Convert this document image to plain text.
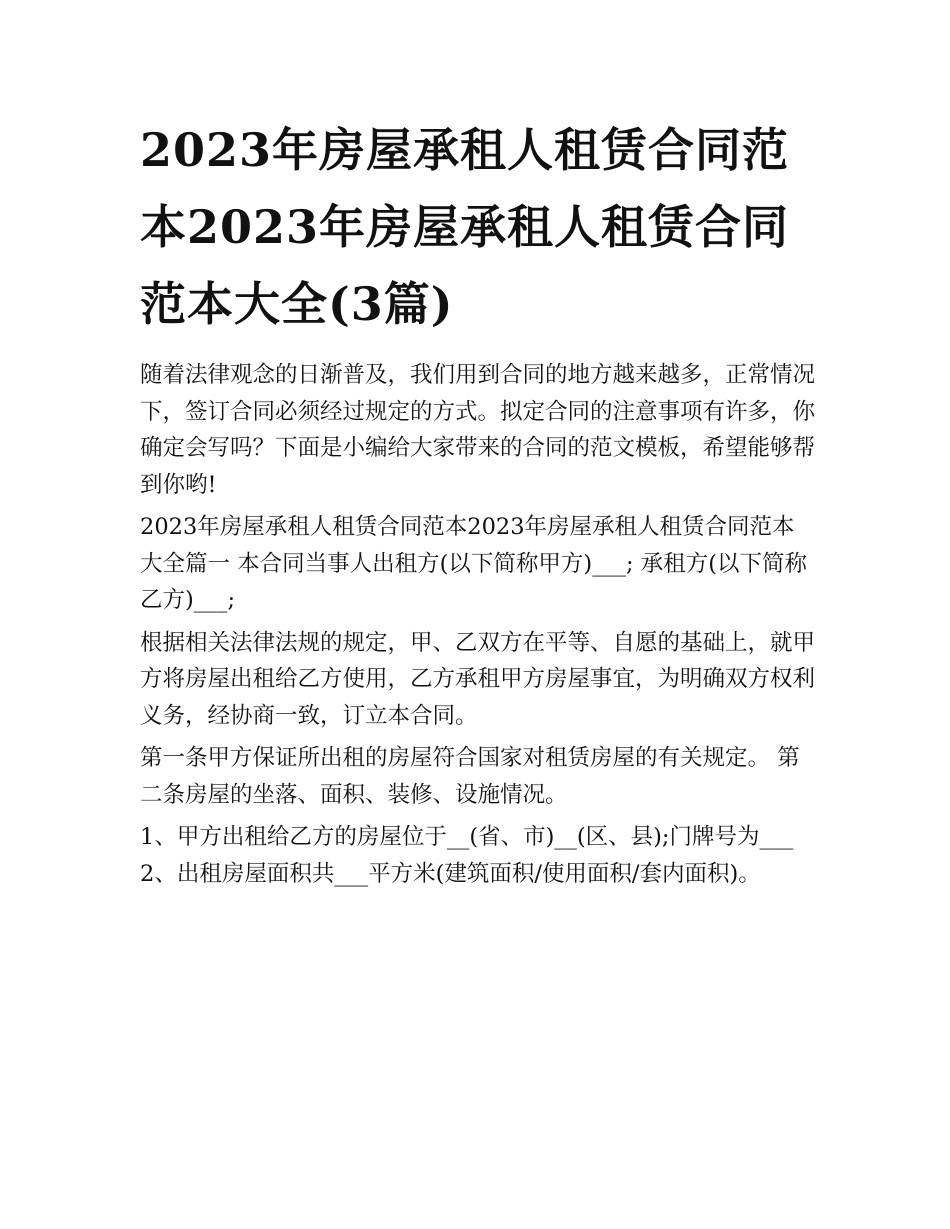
2023年房屋承租人租赁合同范本2023年房屋承租人租赁合同范本大全(3篇)

随着法律观念的日渐普及，我们用到合同的地方越来越多，正常情况下，签订合同必须经过规定的方式。拟定合同的注意事项有许多，你确定会写吗？下面是小编给大家带来的合同的范文模板，希望能够帮到你哟!

2023年房屋承租人租赁合同范本2023年房屋承租人租赁合同范本大全篇一 本合同当事人出租方(以下简称甲方)___; 承租方(以下简称乙方)___;

根据相关法律法规的规定，甲、乙双方在平等、自愿的基础上，就甲方将房屋出租给乙方使用，乙方承租甲方房屋事宜，为明确双方权利义务，经协商一致，订立本合同。

第一条甲方保证所出租的房屋符合国家对租赁房屋的有关规定。 第二条房屋的坐落、面积、装修、设施情况。

1、甲方出租给乙方的房屋位于__(省、市)__(区、县);门牌号为___ 2、出租房屋面积共___平方米(建筑面积/使用面积/套内面积)。
